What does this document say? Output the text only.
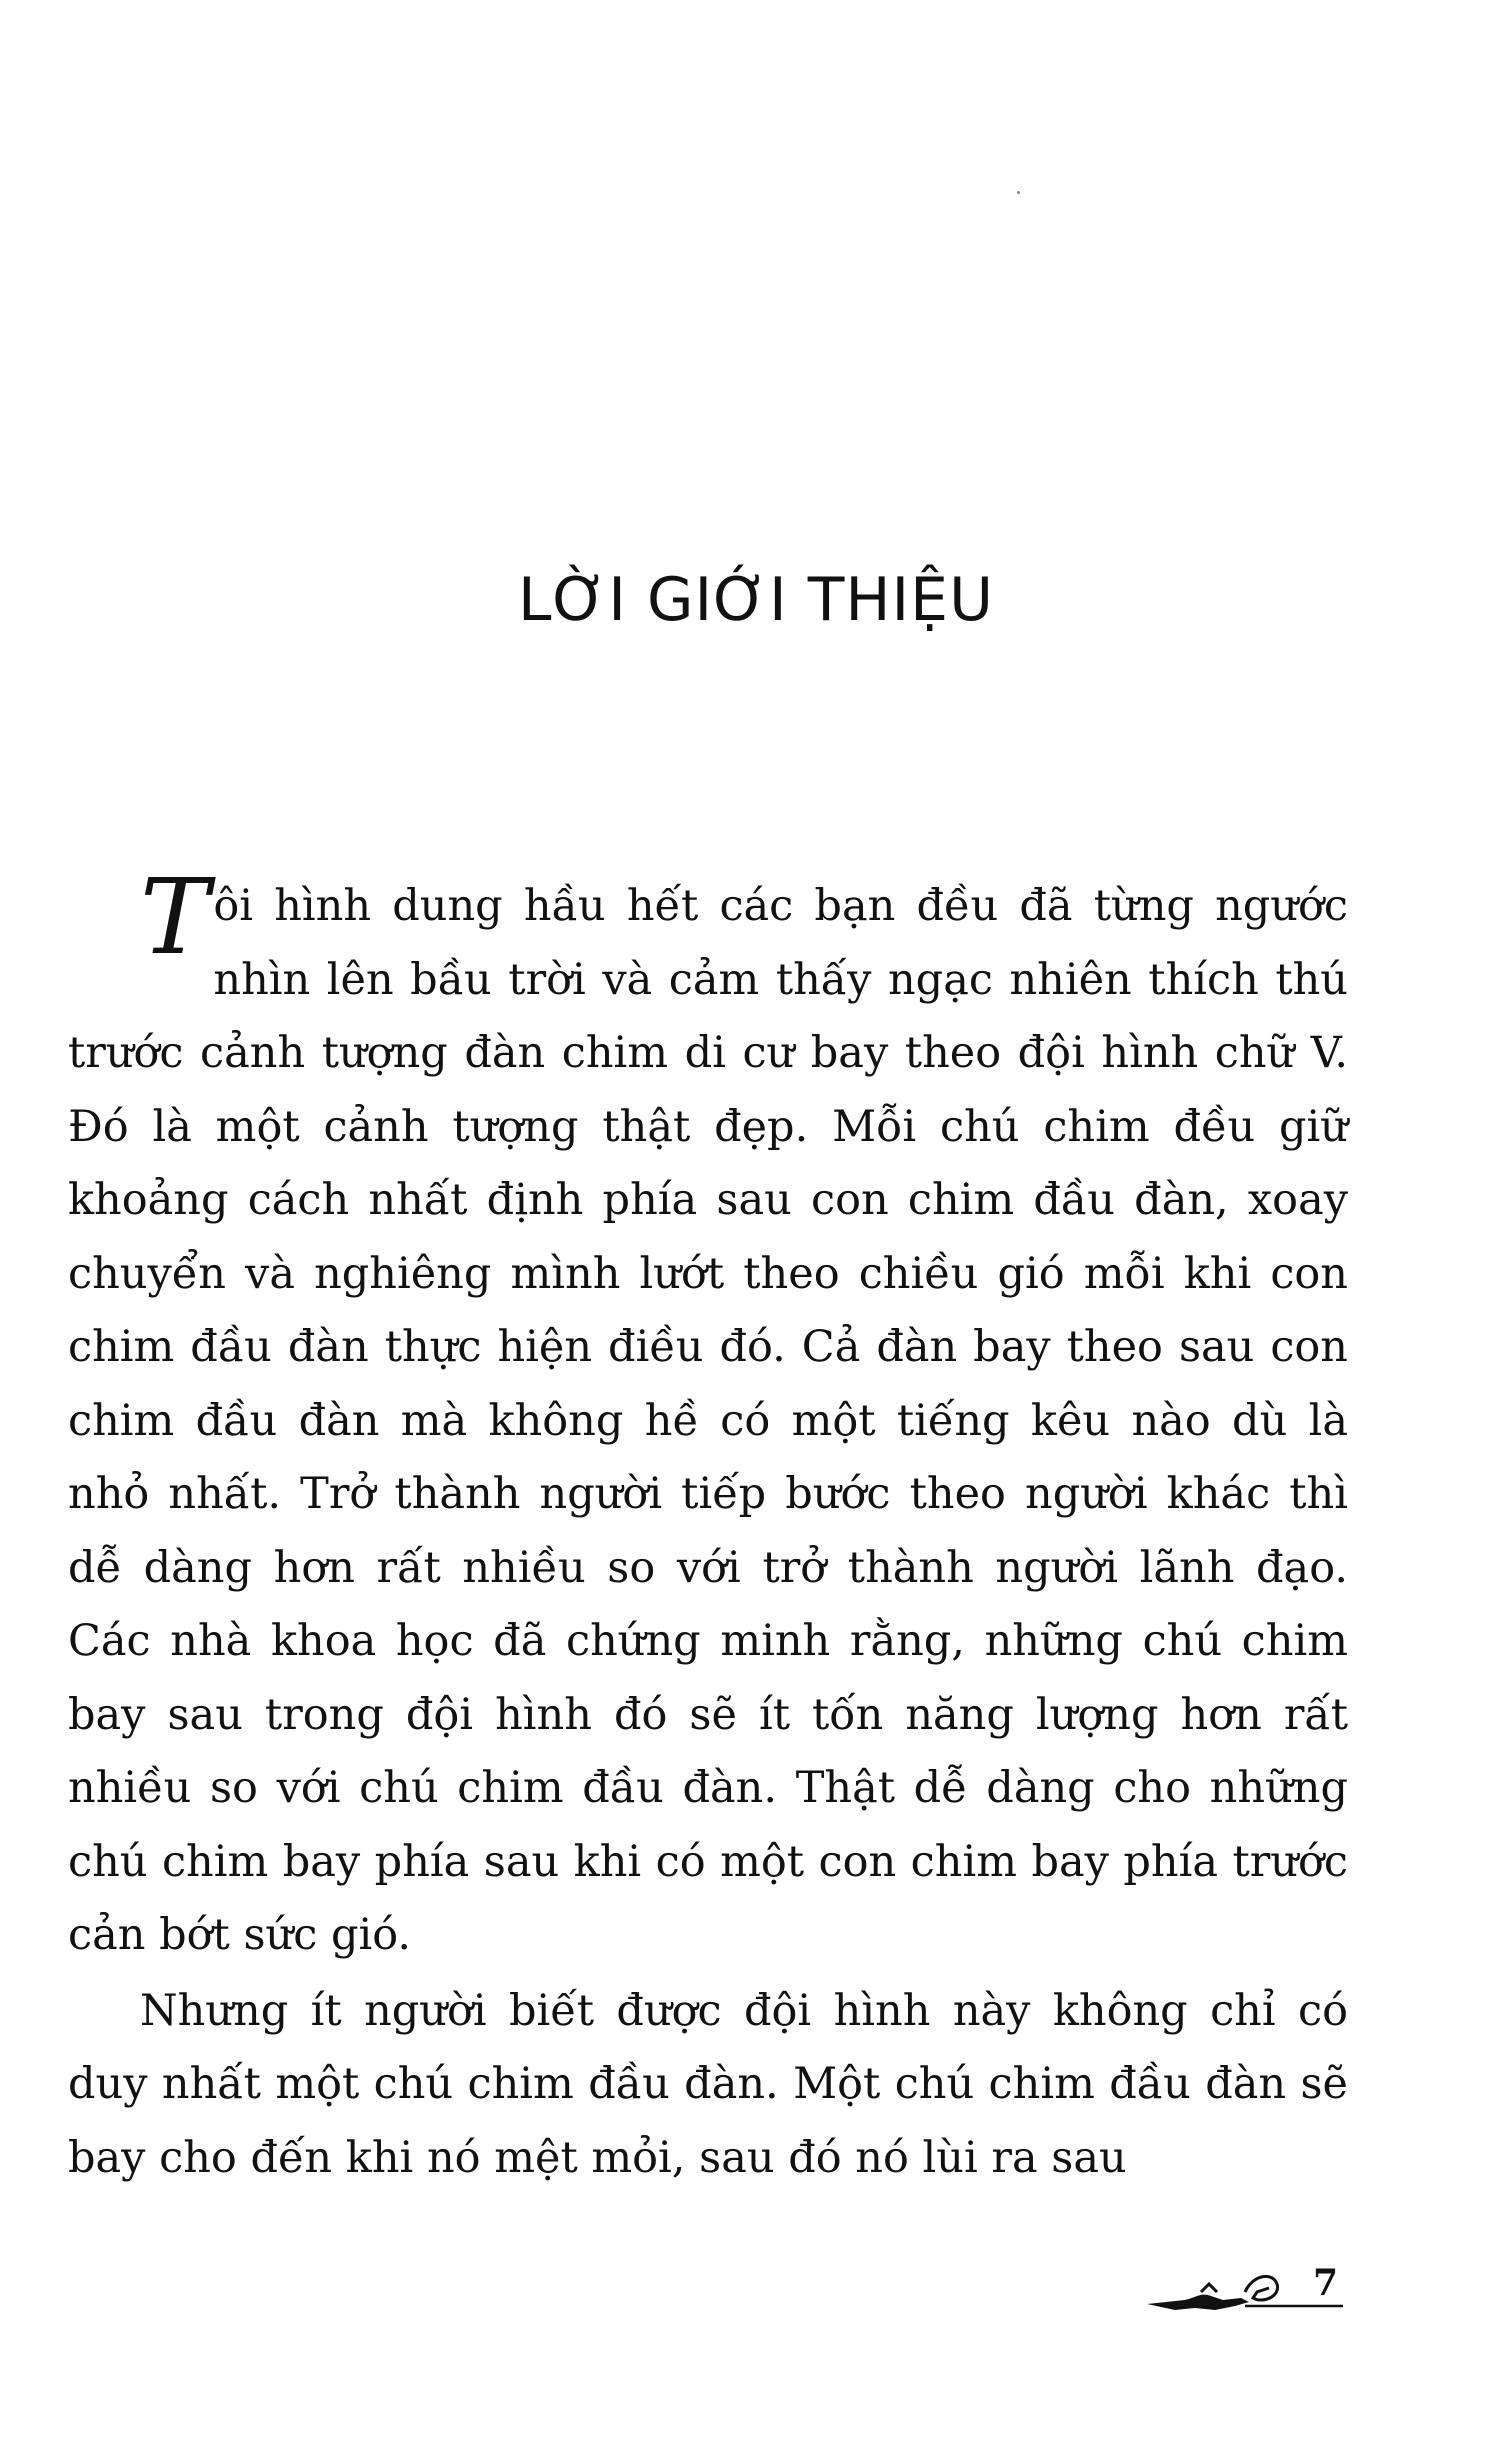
LỜI GIỚI THIỆU

Tôi hình dung hầu hết các bạn đều đã từng ngước nhìn lên bầu trời và cảm thấy ngạc nhiên thích thú trước cảnh tượng đàn chim di cư bay theo đội hình chữ V. Đó là một cảnh tượng thật đẹp. Mỗi chú chim đều giữ khoảng cách nhất định phía sau con chim đầu đàn, xoay chuyển và nghiêng mình lướt theo chiều gió mỗi khi con chim đầu đàn thực hiện điều đó. Cả đàn bay theo sau con chim đầu đàn mà không hề có một tiếng kêu nào dù là nhỏ nhất. Trở thành người tiếp bước theo người khác thì dễ dàng hơn rất nhiều so với trở thành người lãnh đạo. Các nhà khoa học đã chứng minh rằng, những chú chim bay sau trong đội hình đó sẽ ít tốn năng lượng hơn rất nhiều so với chú chim đầu đàn. Thật dễ dàng cho những chú chim bay phía sau khi có một con chim bay phía trước cản bớt sức gió.

Nhưng ít người biết được đội hình này không chỉ có duy nhất một chú chim đầu đàn. Một chú chim đầu đàn sẽ bay cho đến khi nó mệt mỏi, sau đó nó lùi ra sau

7
